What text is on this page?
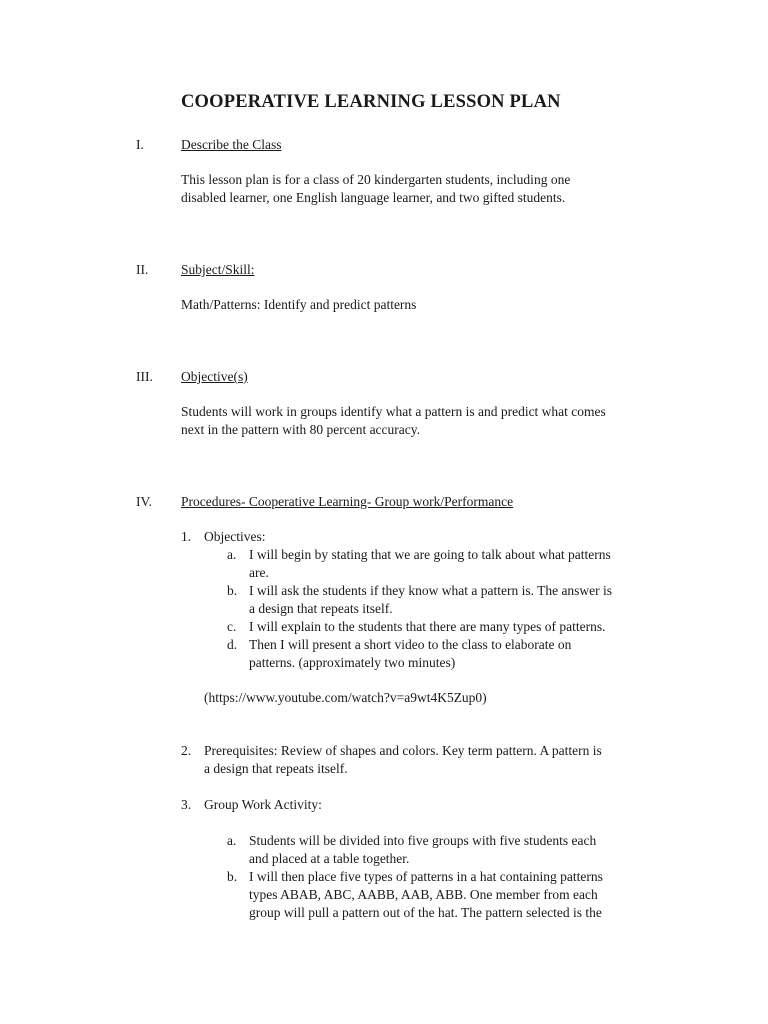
COOPERATIVE LEARNING LESSON PLAN
I.	Describe the Class
This lesson plan is for a class of 20 kindergarten students, including one
disabled learner, one English language learner, and two gifted students.
II. Subject/Skill:
Math/Patterns: Identify and predict patterns
III. Objective(s)
Students will work in groups identify what a pattern is and predict what comes
next in the pattern with 80 percent accuracy.
IV. Procedures- Cooperative Learning- Group work/Performance
1. Objectives:
a. I will begin by stating that we are going to talk about what patterns
are.
b. I will ask the students if they know what a pattern is. The answer is
a design that repeats itself.
c. I will explain to the students that there are many types of patterns.
d. Then I will present a short video to the class to elaborate on
patterns. (approximately two minutes)
(https://www.youtube.com/watch?v=a9wt4K5Zup0)
2. Prerequisites: Review of shapes and colors. Key term pattern. A pattern is
a design that repeats itself.
3. Group Work Activity:
a. Students will be divided into five groups with five students each
and placed at a table together.
b. I will then place five types of patterns in a hat containing patterns
types ABAB, ABC, AABB, AAB, ABB. One member from each
group will pull a pattern out of the hat. The pattern selected is the
